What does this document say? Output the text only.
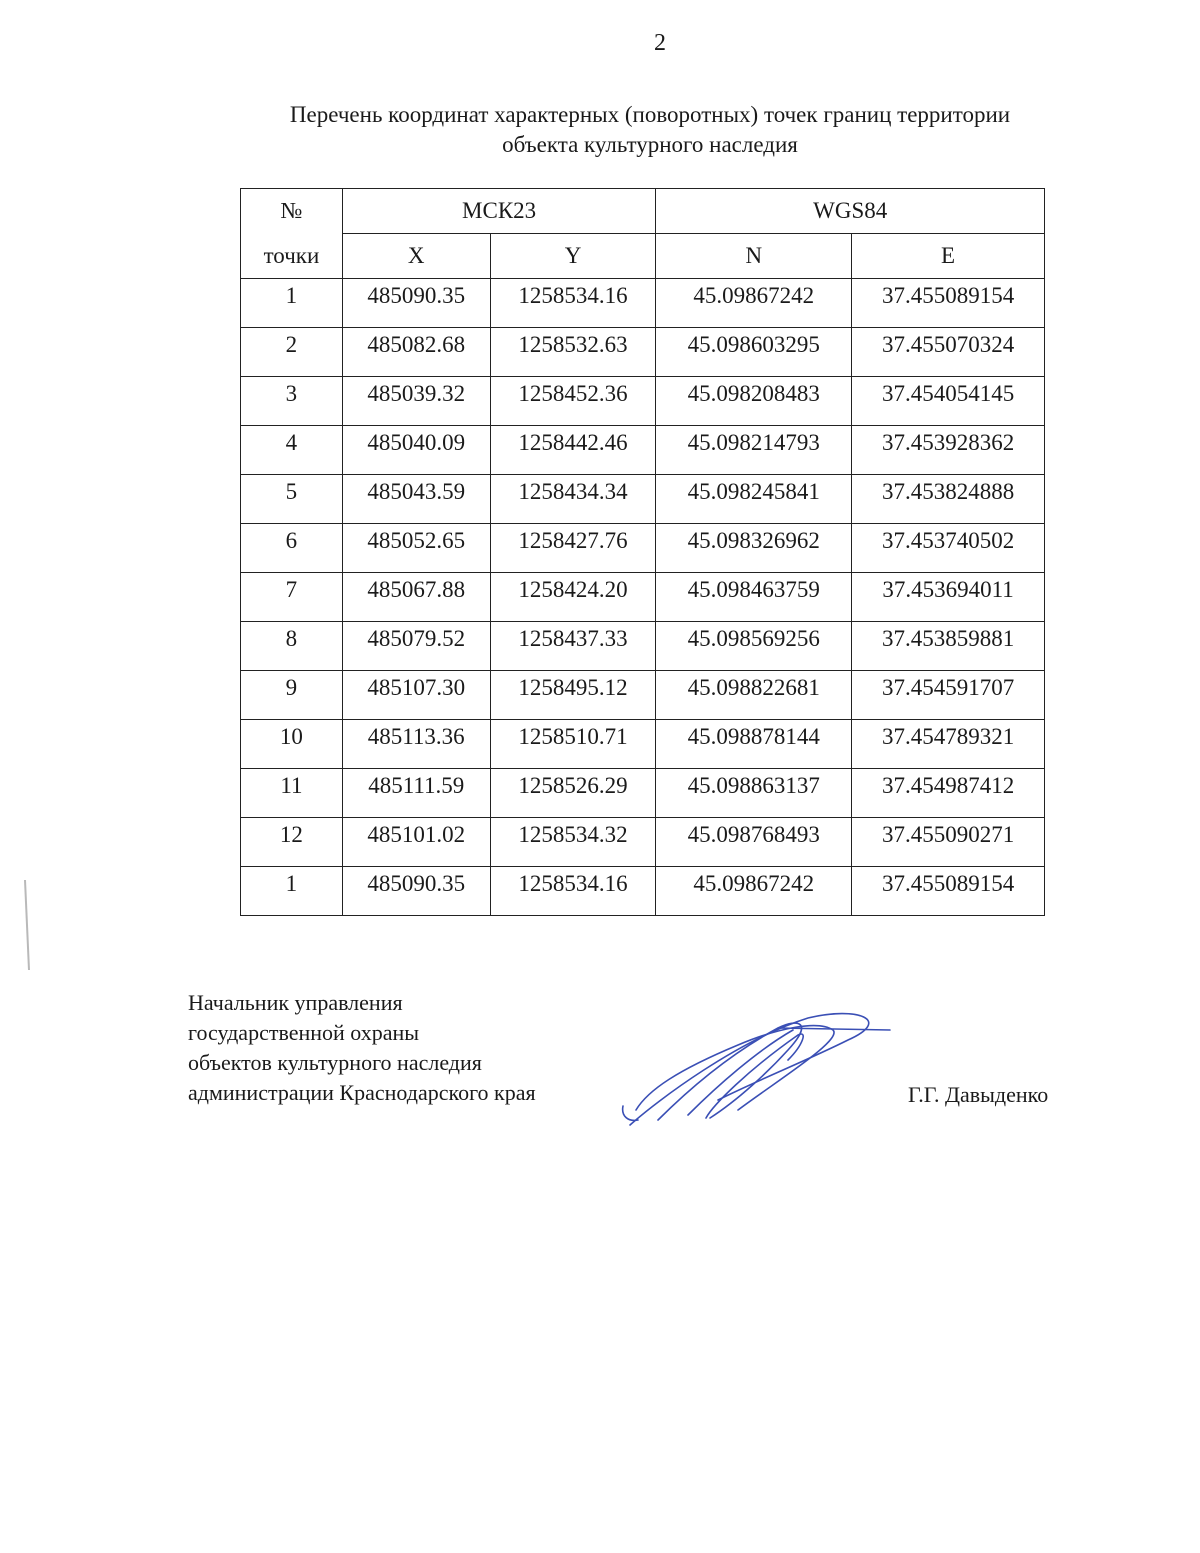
2
Перечень координат характерных (поворотных) точек границ территории
объекта культурного наследия
№	МСК23		WGS84	
точки	X	Y	N	E
1	485090.35	1258534.16	45.09867242	37.455089154
2	485082.68	1258532.63	45.098603295	37.455070324
3	485039.32	1258452.36	45.098208483	37.454054145
4	485040.09	1258442.46	45.098214793	37.453928362
5	485043.59	1258434.34	45.098245841	37.453824888
6	485052.65	1258427.76	45.098326962	37.453740502
7	485067.88	1258424.20	45.098463759	37.453694011
8	485079.52	1258437.33	45.098569256	37.453859881
9	485107.30	1258495.12	45.098822681	37.454591707
10	485113.36	1258510.71	45.098878144	37.454789321
11	485111.59	1258526.29	45.098863137	37.454987412
12	485101.02	1258534.32	45.098768493	37.455090271
1	485090.35	1258534.16	45.09867242	37.455089154
Начальник управления
государственной охраны
объектов культурного наследия
администрации Краснодарского края	Г.Г. Давыденко
